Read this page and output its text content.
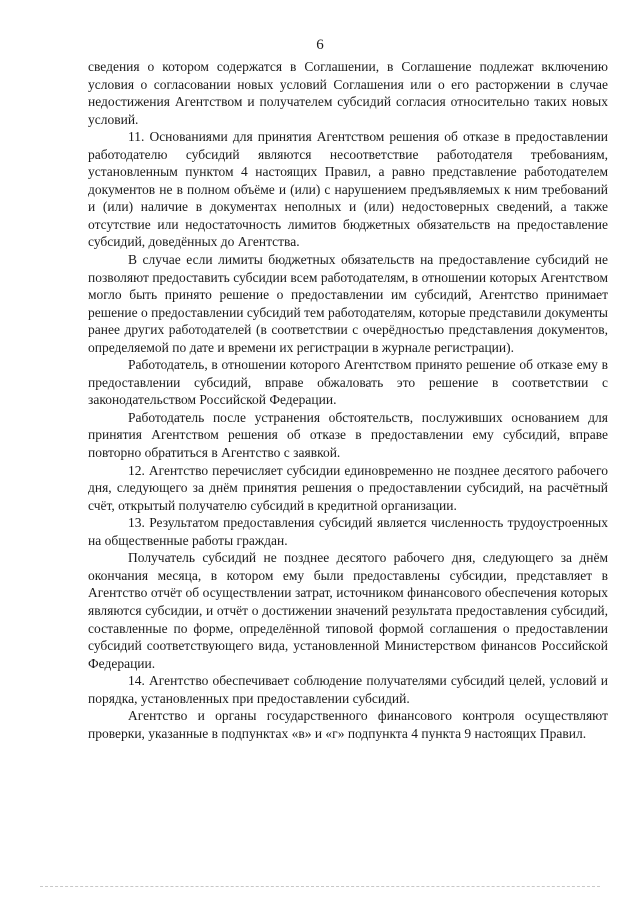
6

сведения о котором содержатся в Соглашении, в Соглашение подлежат включению условия о согласовании новых условий Соглашения или о его расторжении в случае недостижения Агентством и получателем субсидий согласия относительно таких новых условий.

11. Основаниями для принятия Агентством решения об отказе в предоставлении работодателю субсидий являются несоответствие работодателя требованиям, установленным пунктом 4 настоящих Правил, а равно представление работодателем документов не в полном объёме и (или) с нарушением предъявляемых к ним требований и (или) наличие в документах неполных и (или) недостоверных сведений, а также отсутствие или недостаточность лимитов бюджетных обязательств на предоставление субсидий, доведённых до Агентства.

В случае если лимиты бюджетных обязательств на предоставление субсидий не позволяют предоставить субсидии всем работодателям, в отношении которых Агентством могло быть принято решение о предоставлении им субсидий, Агентство принимает решение о предоставлении субсидий тем работодателям, которые представили документы ранее других работодателей (в соответствии с очерёдностью представления документов, определяемой по дате и времени их регистрации в журнале регистрации).

Работодатель, в отношении которого Агентством принято решение об отказе ему в предоставлении субсидий, вправе обжаловать это решение в соответствии с законодательством Российской Федерации.

Работодатель после устранения обстоятельств, послуживших основанием для принятия Агентством решения об отказе в предоставлении ему субсидий, вправе повторно обратиться в Агентство с заявкой.

12. Агентство перечисляет субсидии единовременно не позднее десятого рабочего дня, следующего за днём принятия решения о предоставлении субсидий, на расчётный счёт, открытый получателю субсидий в кредитной организации.

13. Результатом предоставления субсидий является численность трудоустроенных на общественные работы граждан.

Получатель субсидий не позднее десятого рабочего дня, следующего за днём окончания месяца, в котором ему были предоставлены субсидии, представляет в Агентство отчёт об осуществлении затрат, источником финансового обеспечения которых являются субсидии, и отчёт о достижении значений результата предоставления субсидий, составленные по форме, определённой типовой формой соглашения о предоставлении субсидий соответствующего вида, установленной Министерством финансов Российской Федерации.

14. Агентство обеспечивает соблюдение получателями субсидий целей, условий и порядка, установленных при предоставлении субсидий.

Агентство и органы государственного финансового контроля осуществляют проверки, указанные в подпунктах «в» и «г» подпункта 4 пункта 9 настоящих Правил.
